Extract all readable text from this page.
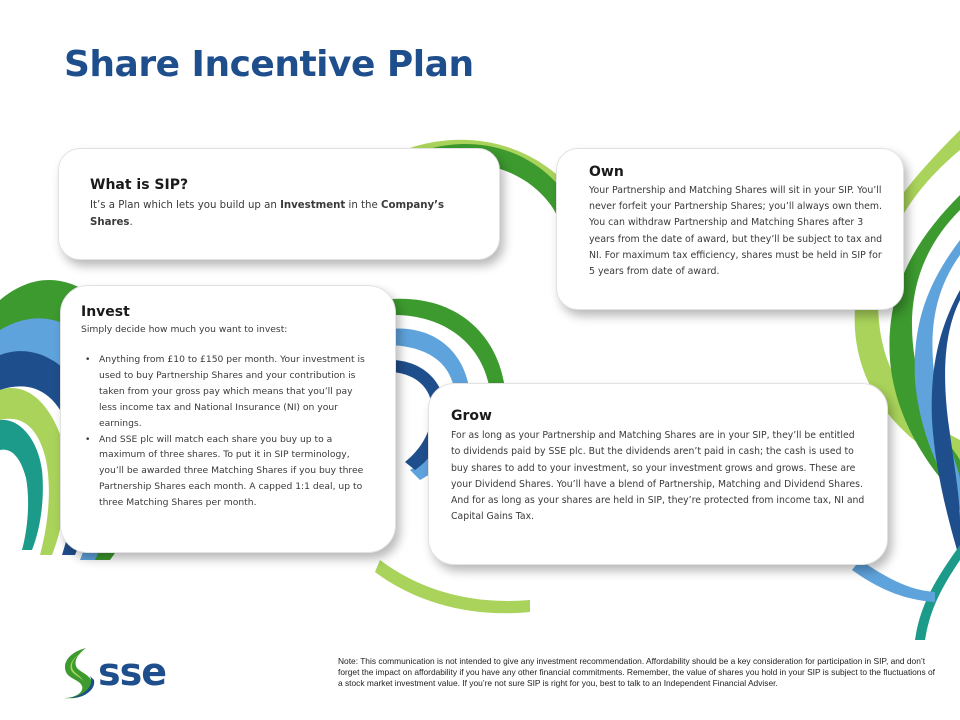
Share Incentive Plan
What is SIP?

It’s a Plan which lets you build up an Investment in the Company’s Shares.

Own

Your Partnership and Matching Shares will sit in your SIP. You’ll never forfeit your Partnership Shares; you’ll always own them. You can withdraw Partnership and Matching Shares after 3 years from the date of award, but they’ll be subject to tax and NI. For maximum tax efficiency, shares must be held in SIP for 5 years from date of award.

Invest

Simply decide how much you want to invest:

• Anything from £10 to £150 per month. Your investment is used to buy Partnership Shares and your contribution is taken from your gross pay which means that you’ll pay less income tax and National Insurance (NI) on your earnings.
• And SSE plc will match each share you buy up to a maximum of three shares. To put it in SIP terminology, you’ll be awarded three Matching Shares if you buy three Partnership Shares each month. A capped 1:1 deal, up to three Matching Shares per month.
Grow

For as long as your Partnership and Matching Shares are in your SIP, they’ll be entitled to dividends paid by SSE plc. But the dividends aren’t paid in cash; the cash is used to buy shares to add to your investment, so your investment grows and grows. These are your Dividend Shares. You’ll have a blend of Partnership, Matching and Dividend Shares. And for as long as your shares are held in SIP, they’re protected from income tax, NI and Capital Gains Tax.

sse	Note: This communication is not intended to give any investment recommendation. Affordability should be a key consideration for participation in SIP, and don’t forget the impact on affordability if you have any other financial commitments. Remember, the value of shares you hold in your SIP is subject to the fluctuations of a stock market investment value. If you’re not sure SIP is right for you, best to talk to an Independent Financial Adviser.
